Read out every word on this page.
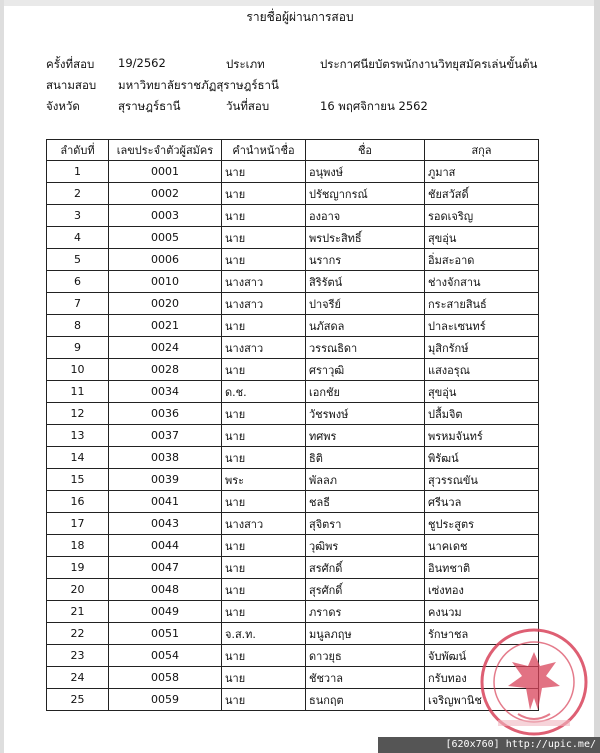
รายชื่อผู้ผ่านการสอบ
ครั้งที่สอบ 19/2562	ประเภท	ประกาศนียบัตรพนักงานวิทยุสมัครเล่นขั้นต้น
สนามสอบ มหาวิทยาลัยราชภัฏสุราษฎร์ธานี
จังหวัด	สุราษฎร์ธานี	วันที่สอบ	16 พฤศจิกายน 2562
ลำดับที่	เลขประจำตัวผู้สมัคร	คำนำหน้าชื่อ	ชื่อ	สกุล
1	0001	นาย	อนุพงษ์	ภูมาส
2	0002	นาย	ปรัชญากรณ์	ชัยสวัสดิ์
3	0003	นาย	องอาจ	รอดเจริญ
4	0005	นาย	พรประสิทธิ์	สุขอุ่น
5	0006	นาย	นรากร	อิ่มสะอาด
6	0010	นางสาว	สิริรัตน์	ช่างจักสาน
7	0020	นางสาว	ปาจรีย์	กระสายสินธ์
8	0021	นาย	นภัสดล	ปาละเซนทร์
9	0024	นางสาว	วรรณธิดา	มุสิกรักษ์
10	0028	นาย	ศราวุฒิ	แสงอรุณ
11	0034	ด.ช.	เอกชัย	สุขอุ่น
12	0036	นาย	วัชรพงษ์	ปลื้มจิต
13	0037	นาย	ทศพร	พรหมจันทร์
14	0038	นาย	ธิติ	พิรัฒน์
15	0039	พระ	พัลลภ	สุวรรณขัน
16	0041	นาย	ชลธี	ศรีนวล
17	0043	นางสาว	สุจิตรา	ชูประสูตร
18	0044	นาย	วุฒิพร	นาคเดช
19	0047	นาย	สรศักดิ์	อินทชาติ
20	0048	นาย	สุรศักดิ์	เซ่งทอง
21	0049	นาย	ภราดร	คงนวม
22	0051	จ.ส.ท.	มนูลภฤษ	รักษาชล
23	0054	นาย	ดาวยุธ	จับพัฒน์
24	0058	นาย	ชัชวาล	กรับทอง
25	0059	นาย	ธนกฤต	เจริญพานิช
[620x760] http://upic.me/
